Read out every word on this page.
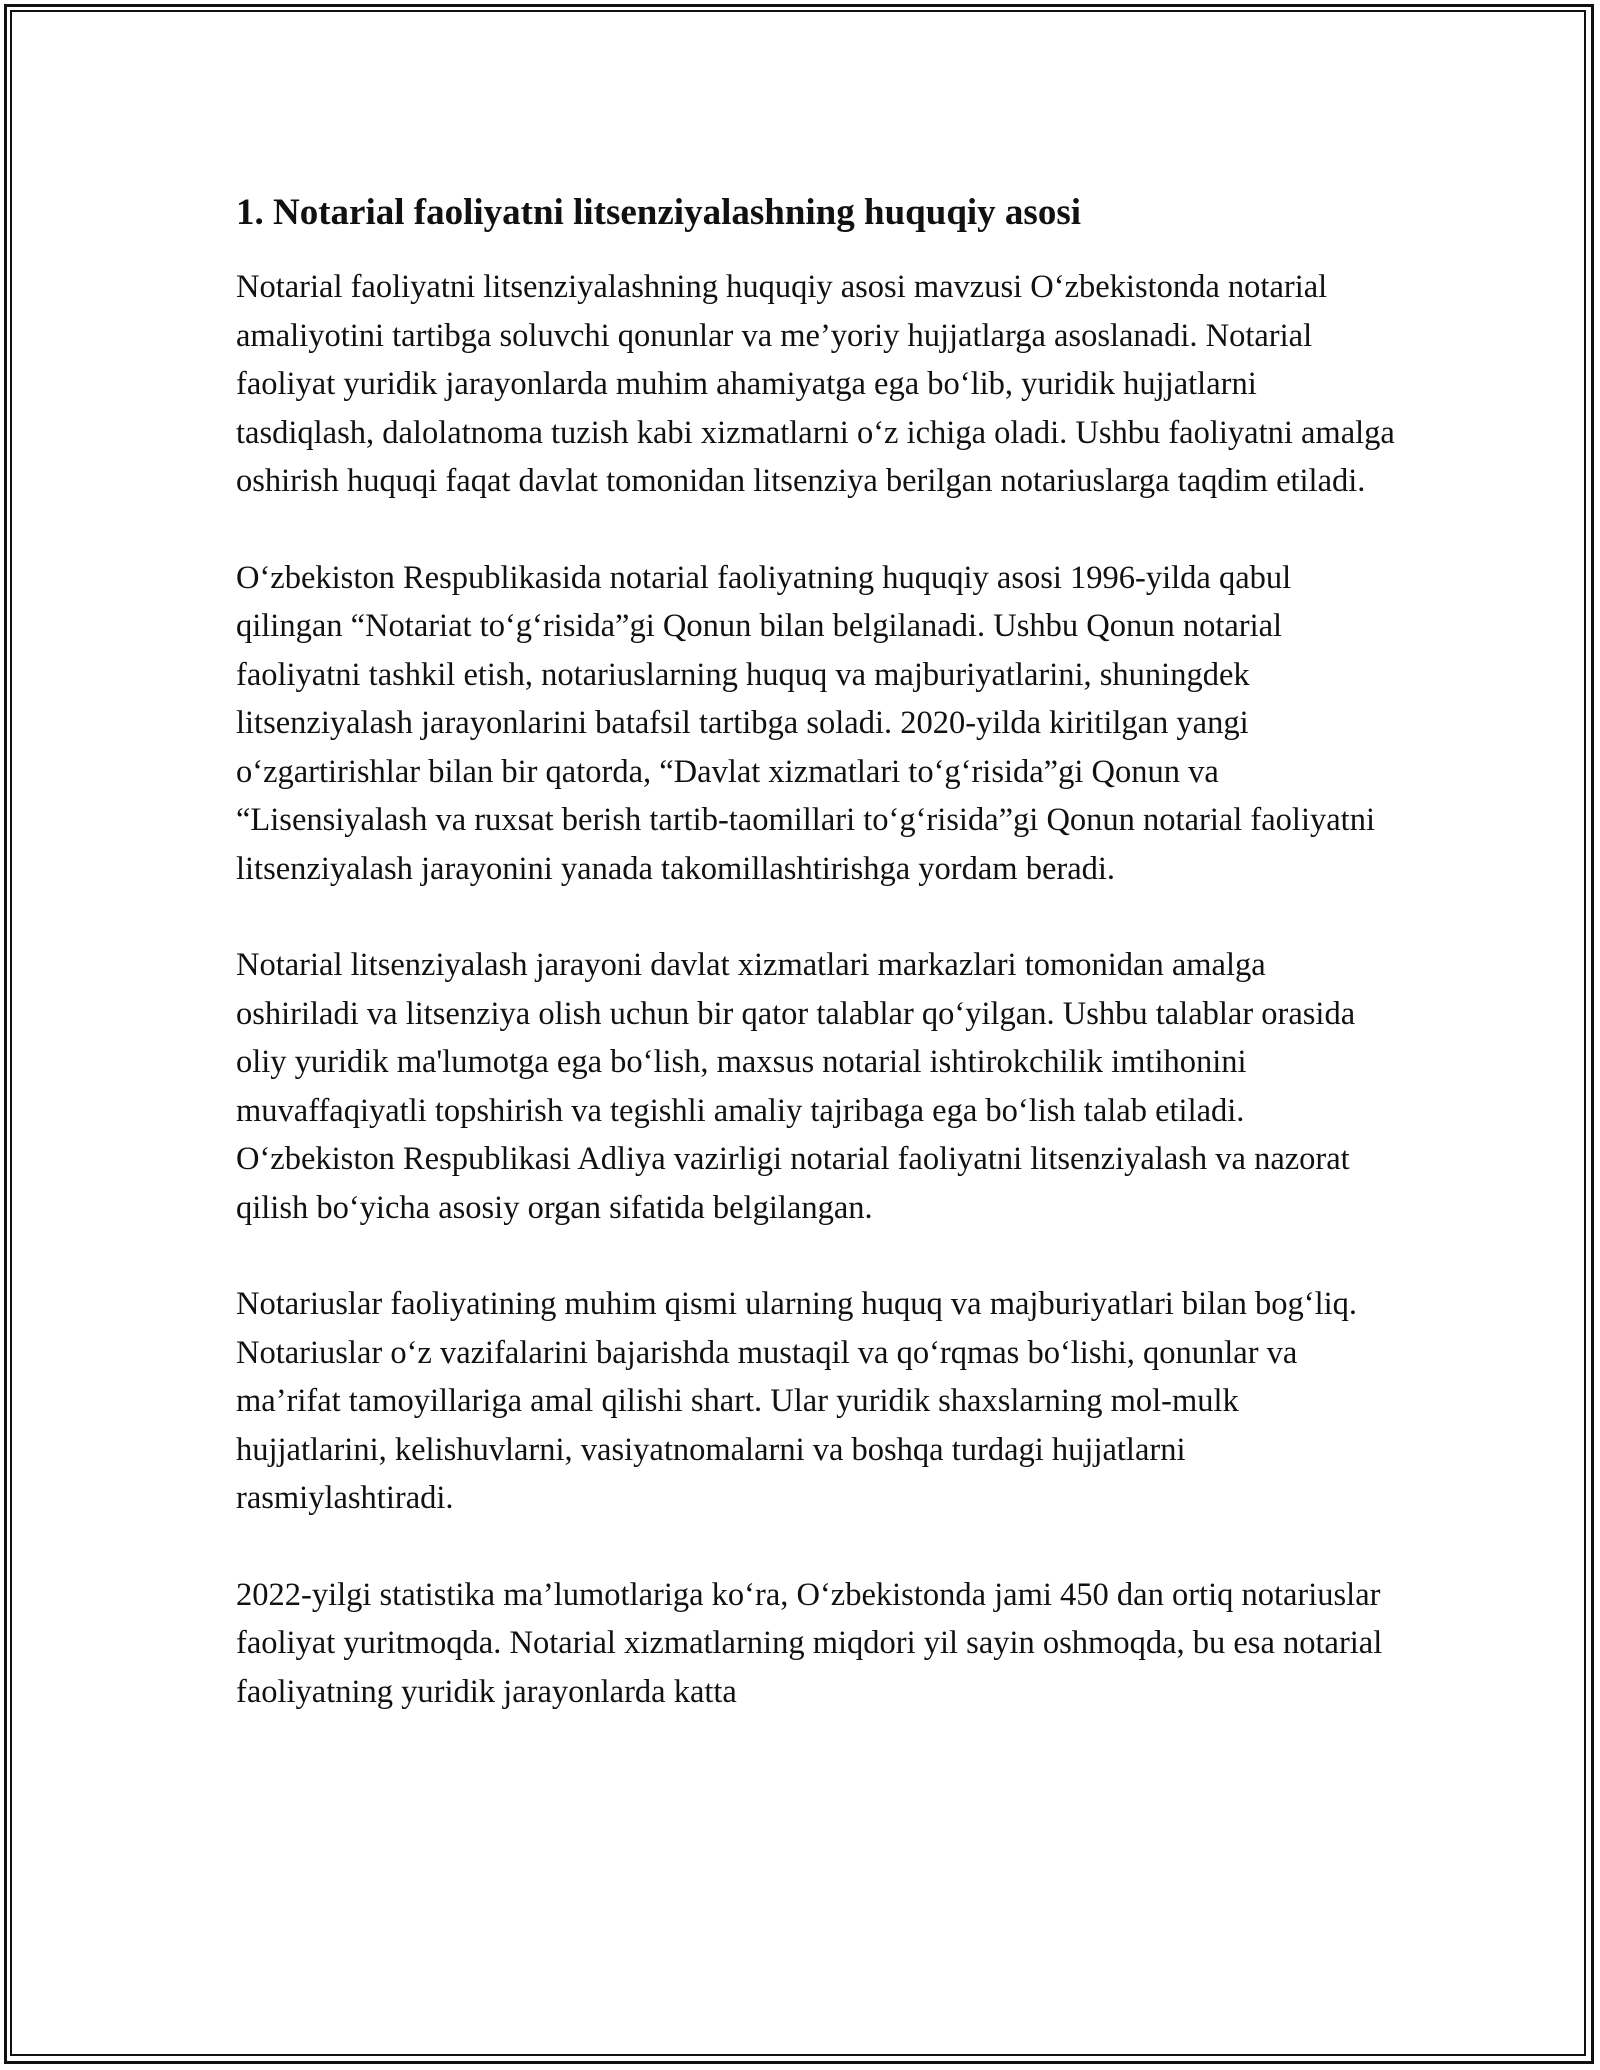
1. Notarial faoliyatni litsenziyalashning huquqiy asosi

Notarial faoliyatni litsenziyalashning huquqiy asosi mavzusi O‘zbekistonda notarial amaliyotini tartibga soluvchi qonunlar va me’yoriy hujjatlarga asoslanadi. Notarial faoliyat yuridik jarayonlarda muhim ahamiyatga ega bo‘lib, yuridik hujjatlarni tasdiqlash, dalolatnoma tuzish kabi xizmatlarni o‘z ichiga oladi. Ushbu faoliyatni amalga oshirish huquqi faqat davlat tomonidan litsenziya berilgan notariuslarga taqdim etiladi.

O‘zbekiston Respublikasida notarial faoliyatning huquqiy asosi 1996-yilda qabul qilingan “Notariat to‘g‘risida”gi Qonun bilan belgilanadi. Ushbu Qonun notarial faoliyatni tashkil etish, notariuslarning huquq va majburiyatlarini, shuningdek litsenziyalash jarayonlarini batafsil tartibga soladi. 2020-yilda kiritilgan yangi o‘zgartirishlar bilan bir qatorda, “Davlat xizmatlari to‘g‘risida”gi Qonun va “Lisensiyalash va ruxsat berish tartib-taomillari to‘g‘risida”gi Qonun notarial faoliyatni litsenziyalash jarayonini yanada takomillashtirishga yordam beradi.

Notarial litsenziyalash jarayoni davlat xizmatlari markazlari tomonidan amalga oshiriladi va litsenziya olish uchun bir qator talablar qo‘yilgan. Ushbu talablar orasida oliy yuridik ma'lumotga ega bo‘lish, maxsus notarial ishtirokchilik imtihonini muvaffaqiyatli topshirish va tegishli amaliy tajribaga ega bo‘lish talab etiladi. O‘zbekiston Respublikasi Adliya vazirligi notarial faoliyatni litsenziyalash va nazorat qilish bo‘yicha asosiy organ sifatida belgilangan.

Notariuslar faoliyatining muhim qismi ularning huquq va majburiyatlari bilan bog‘liq. Notariuslar o‘z vazifalarini bajarishda mustaqil va qo‘rqmas bo‘lishi, qonunlar va ma’rifat tamoyillariga amal qilishi shart. Ular yuridik shaxslarning mol-mulk hujjatlarini, kelishuvlarni, vasiyatnomalarni va boshqa turdagi hujjatlarni rasmiylashtiradi.

2022-yilgi statistika ma’lumotlariga ko‘ra, O‘zbekistonda jami 450 dan ortiq notariuslar faoliyat yuritmoqda. Notarial xizmatlarning miqdori yil sayin oshmoqda, bu esa notarial faoliyatning yuridik jarayonlarda katta
